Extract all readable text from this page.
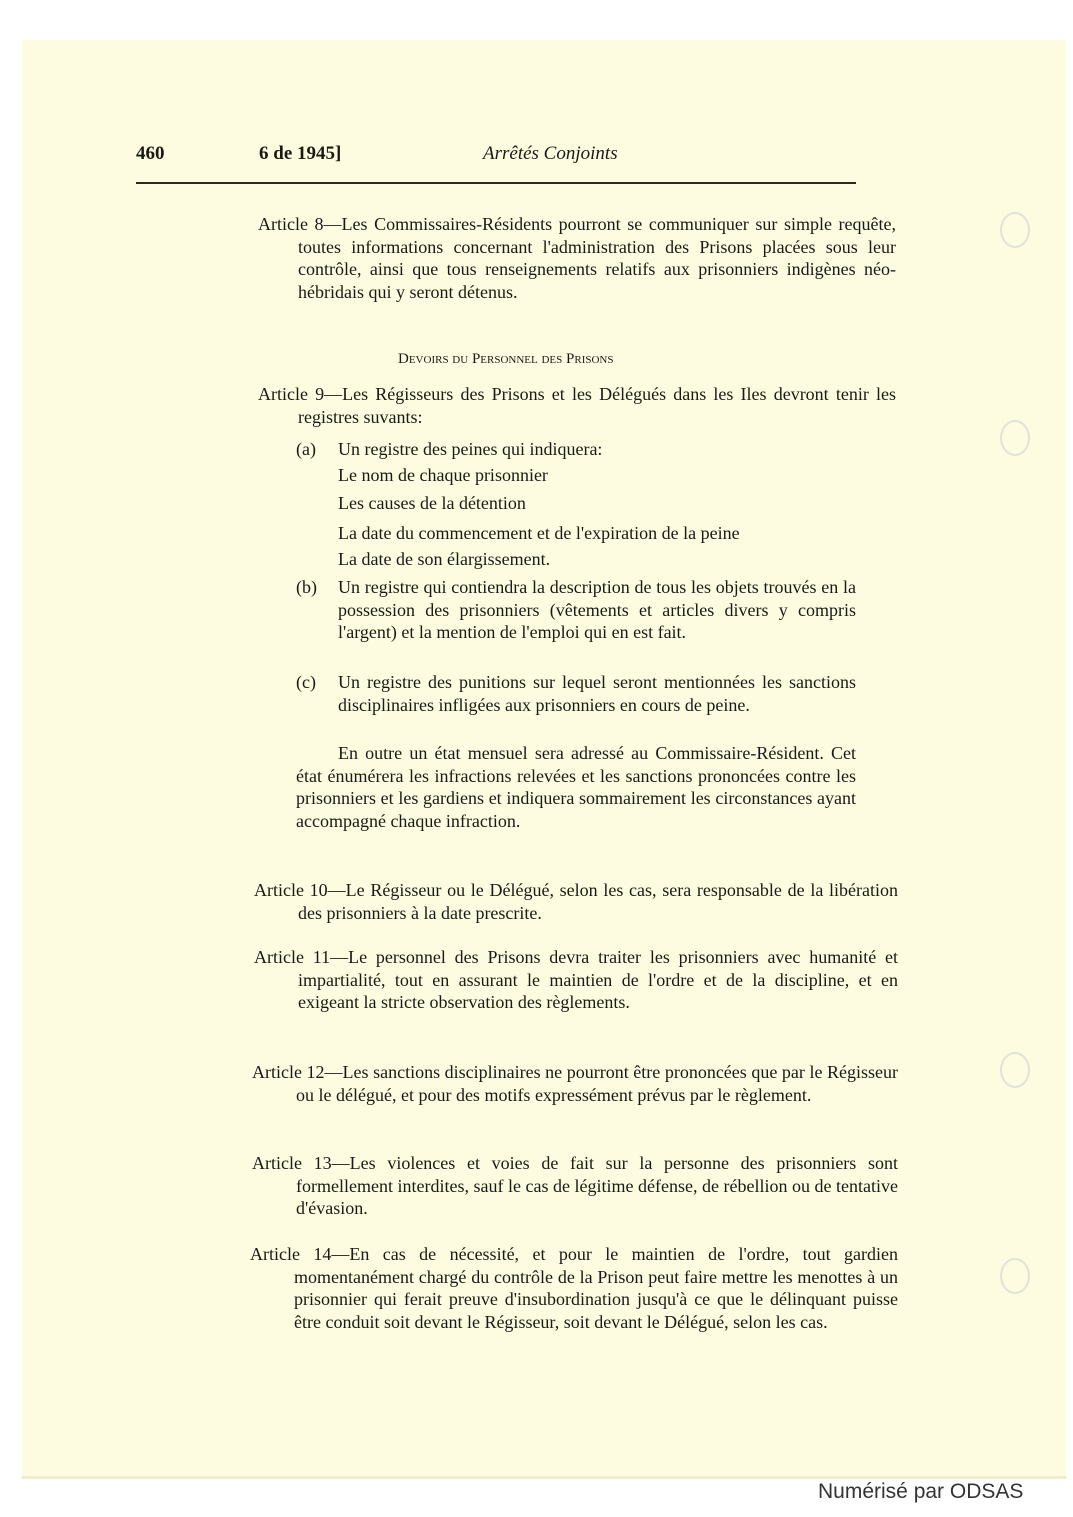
460	6 de 1945]	Arrêtés Conjoints
Article 8—Les Commissaires-Résidents pourront se communiquer sur simple requête, toutes informations concernant l'administration des Prisons placées sous leur contrôle, ainsi que tous renseignements relatifs aux prisonniers indigènes néo-hébridais qui y seront détenus.
Devoirs du Personnel des Prisons
Article 9—Les Régisseurs des Prisons et les Délégués dans les Iles devront tenir les registres suvants:
(a)	Un registre des peines qui indiquera:
Le nom de chaque prisonnier
Les causes de la détention
La date du commencement et de l'expiration de la peine
La date de son élargissement.
(b)	Un registre qui contiendra la description de tous les objets trouvés en la possession des prisonniers (vêtements et articles divers y compris l'argent) et la mention de l'emploi qui en est fait.
(c)	Un registre des punitions sur lequel seront mentionnées les sanctions disciplinaires infligées aux prisonniers en cours de peine.
En outre un état mensuel sera adressé au Commissaire-Résident. Cet état énumérera les infractions relevées et les sanctions prononcées contre les prisonniers et les gardiens et indiquera sommairement les circonstances ayant accompagné chaque infraction.
Article 10—Le Régisseur ou le Délégué, selon les cas, sera responsable de la libération des prisonniers à la date prescrite.
Article 11—Le personnel des Prisons devra traiter les prisonniers avec humanité et impartialité, tout en assurant le maintien de l'ordre et de la discipline, et en exigeant la stricte observation des règlements.
Article 12—Les sanctions disciplinaires ne pourront être prononcées que par le Régisseur ou le délégué, et pour des motifs expressément prévus par le règlement.
Article 13—Les violences et voies de fait sur la personne des prisonniers sont formellement interdites, sauf le cas de légitime défense, de rébellion ou de tentative d'évasion.
Article 14—En cas de nécessité, et pour le maintien de l'ordre, tout gardien momentanément chargé du contrôle de la Prison peut faire mettre les menottes à un prisonnier qui ferait preuve d'insubordination jusqu'à ce que le délinquant puisse être conduit soit devant le Régisseur, soit devant le Délégué, selon les cas.
Numérisé par ODSAS
